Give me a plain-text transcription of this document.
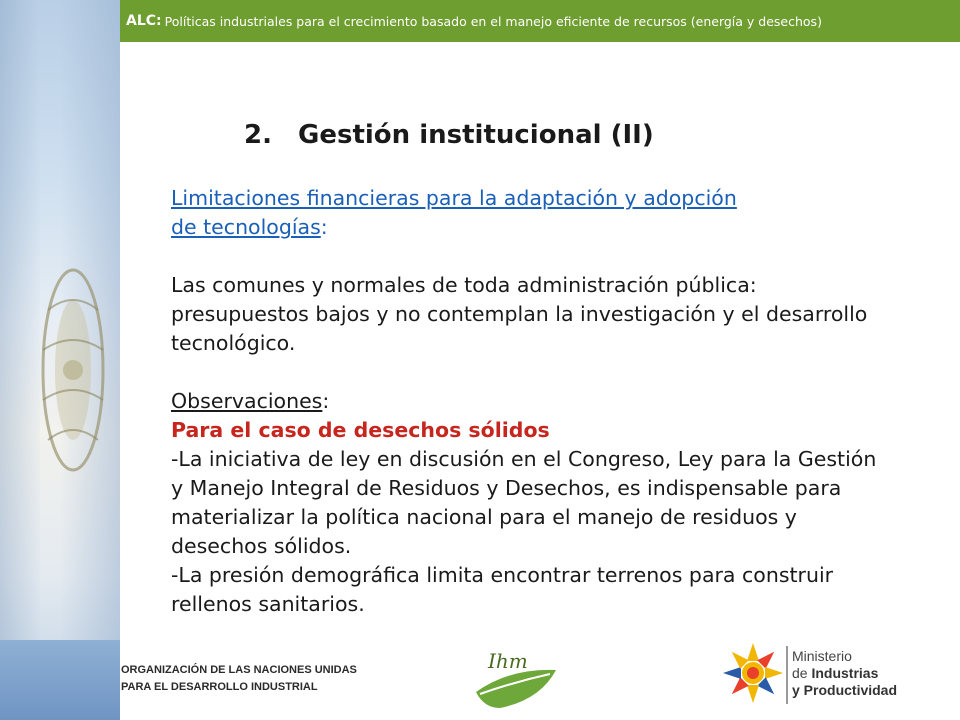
ALC: Políticas industriales para el crecimiento basado en el manejo eficiente de recursos (energía y desechos)
2. Gestión institucional (II)

Limitaciones financieras para la adaptación y adopción
de tecnologías:

Las comunes y normales de toda administración pública: presupuestos bajos y no contemplan la investigación y el desarrollo tecnológico.

Observaciones:

Para el caso de desechos sólidos

-La iniciativa de ley en discusión en el Congreso, Ley para la Gestión y Manejo Integral de Residuos y Desechos, es indispensable para materializar la política nacional para el manejo de residuos y desechos sólidos.

-La presión demográfica limita encontrar terrenos para construir rellenos sanitarios.

ORGANIZACIÓN DE LAS NACIONES UNIDAS
PARA EL DESARROLLO INDUSTRIAL
Ihm	Ministerio
de Industrias
y Productividad
